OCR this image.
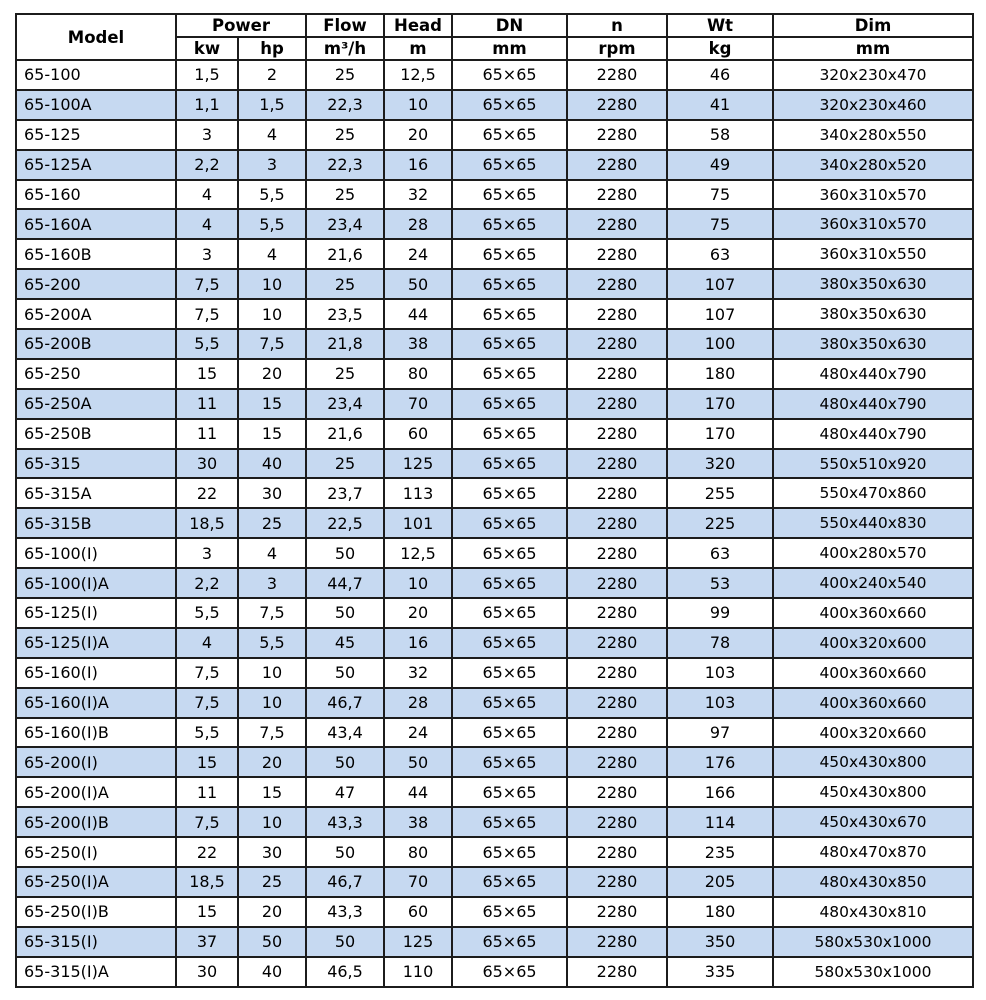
Model	Power		Flow	Head	DN	n	Wt	Dim
	kw	hp	m³/h	m	mm	rpm	kg	mm
65-100	1,5	2	25	12,5	65×65	2280	46	320x230x470
65-100A	1,1	1,5	22,3	10	65×65	2280	41	320x230x460
65-125	3	4	25	20	65×65	2280	58	340x280x550
65-125A	2,2	3	22,3	16	65×65	2280	49	340x280x520
65-160	4	5,5	25	32	65×65	2280	75	360x310x570
65-160A	4	5,5	23,4	28	65×65	2280	75	360x310x570
65-160B	3	4	21,6	24	65×65	2280	63	360x310x550
65-200	7,5	10	25	50	65×65	2280	107	380x350x630
65-200A	7,5	10	23,5	44	65×65	2280	107	380x350x630
65-200B	5,5	7,5	21,8	38	65×65	2280	100	380x350x630
65-250	15	20	25	80	65×65	2280	180	480x440x790
65-250A	11	15	23,4	70	65×65	2280	170	480x440x790
65-250B	11	15	21,6	60	65×65	2280	170	480x440x790
65-315	30	40	25	125	65×65	2280	320	550x510x920
65-315A	22	30	23,7	113	65×65	2280	255	550x470x860
65-315B	18,5	25	22,5	101	65×65	2280	225	550x440x830
65-100(I)	3	4	50	12,5	65×65	2280	63	400x280x570
65-100(I)A	2,2	3	44,7	10	65×65	2280	53	400x240x540
65-125(I)	5,5	7,5	50	20	65×65	2280	99	400x360x660
65-125(I)A	4	5,5	45	16	65×65	2280	78	400x320x600
65-160(I)	7,5	10	50	32	65×65	2280	103	400x360x660
65-160(I)A	7,5	10	46,7	28	65×65	2280	103	400x360x660
65-160(I)B	5,5	7,5	43,4	24	65×65	2280	97	400x320x660
65-200(I)	15	20	50	50	65×65	2280	176	450x430x800
65-200(I)A	11	15	47	44	65×65	2280	166	450x430x800
65-200(I)B	7,5	10	43,3	38	65×65	2280	114	450x430x670
65-250(I)	22	30	50	80	65×65	2280	235	480x470x870
65-250(I)A	18,5	25	46,7	70	65×65	2280	205	480x430x850
65-250(I)B	15	20	43,3	60	65×65	2280	180	480x430x810
65-315(I)	37	50	50	125	65×65	2280	350	580x530x1000
65-315(I)A	30	40	46,5	110	65×65	2280	335	580x530x1000
